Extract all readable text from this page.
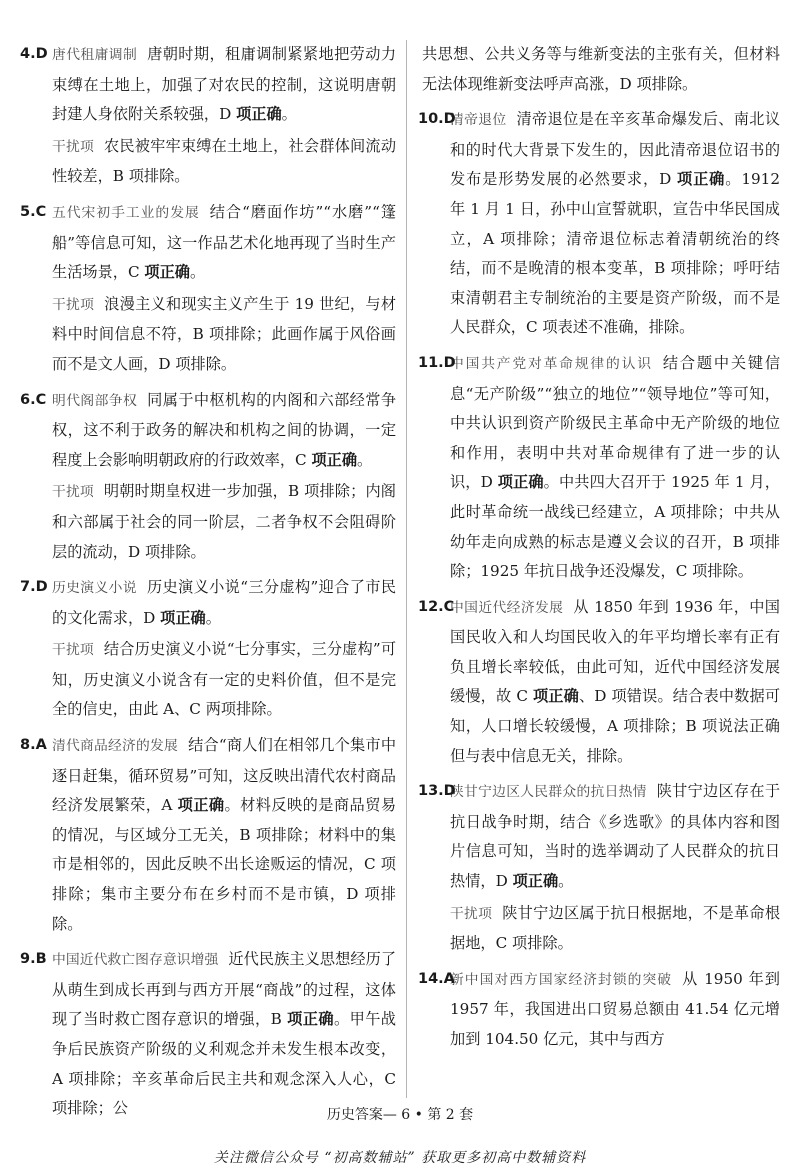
4.D 唐代租庸调制 唐朝时期，租庸调制紧紧地把劳动力束缚在土地上，加强了对农民的控制，这说明唐朝封建人身依附关系较强，D 项正确。

干扰项 农民被牢牢束缚在土地上，社会群体间流动性较差，B 项排除。

5.C 五代宋初手工业的发展 结合“磨面作坊”“水磨”“篷船”等信息可知，这一作品艺术化地再现了当时生产生活场景，C 项正确。

干扰项 浪漫主义和现实主义产生于 19 世纪，与材料中时间信息不符，B 项排除；此画作属于风俗画而不是文人画，D 项排除。

6.C 明代阁部争权 同属于中枢机构的内阁和六部经常争权，这不利于政务的解决和机构之间的协调，一定程度上会影响明朝政府的行政效率，C 项正确。

干扰项 明朝时期皇权进一步加强，B 项排除；内阁和六部属于社会的同一阶层，二者争权不会阻碍阶层的流动，D 项排除。

7.D 历史演义小说 历史演义小说“三分虚构”迎合了市民的文化需求，D 项正确。

干扰项 结合历史演义小说“七分事实，三分虚构”可知，历史演义小说含有一定的史料价值，但不是完全的信史，由此 A、C 两项排除。

8.A 清代商品经济的发展 结合“商人们在相邻几个集市中逐日赶集，循环贸易”可知，这反映出清代农村商品经济发展繁荣，A 项正确。材料反映的是商品贸易的情况，与区域分工无关，B 项排除；材料中的集市是相邻的，因此反映不出长途贩运的情况，C 项排除；集市主要分布在乡村而不是市镇，D 项排除。

9.B 中国近代救亡图存意识增强 近代民族主义思想经历了从萌生到成长再到与西方开展“商战”的过程，这体现了当时救亡图存意识的增强，B 项正确。甲午战争后民族资产阶级的义利观念并未发生根本改变，A 项排除；辛亥革命后民主共和观念深入人心，C 项排除；公

共思想、公共义务等与维新变法的主张有关，但材料无法体现维新变法呼声高涨，D 项排除。

10.D

清帝退位 清帝退位是在辛亥革命爆发后、南北议和的时代大背景下发生的，因此清帝退位诏书的发布是形势发展的必然要求，D 项正确。1912 年 1 月 1 日，孙中山宣誓就职，宣告中华民国成立，A 项排除；清帝退位标志着清朝统治的终结，而不是晚清的根本变革，B 项排除；呼吁结束清朝君主专制统治的主要是资产阶级，而不是人民群众，C 项表述不准确，排除。

11.D

中国共产党对革命规律的认识 结合题中关键信息“无产阶级”“独立的地位”“领导地位”等可知，中共认识到资产阶级民主革命中无产阶级的地位和作用，表明中共对革命规律有了进一步的认识，D 项正确。中共四大召开于 1925 年 1 月，此时革命统一战线已经建立，A 项排除；中共从幼年走向成熟的标志是遵义会议的召开，B 项排除；1925 年抗日战争还没爆发，C 项排除。

12.C

中国近代经济发展 从 1850 年到 1936 年，中国国民收入和人均国民收入的年平均增长率有正有负且增长率较低，由此可知，近代中国经济发展缓慢，故 C 项正确、D 项错误。结合表中数据可知，人口增长较缓慢，A 项排除；B 项说法正确但与表中信息无关，排除。

13.D

陕甘宁边区人民群众的抗日热情 陕甘宁边区存在于抗日战争时期，结合《乡选歌》的具体内容和图片信息可知，当时的选举调动了人民群众的抗日热情，D 项正确。

干扰项 陕甘宁边区属于抗日根据地，不是革命根据地，C 项排除。

14.A

新中国对西方国家经济封锁的突破 从 1950 年到 1957 年，我国进出口贸易总额由 41.54 亿元增加到 104.50 亿元，其中与西方

历史答案— 6 • 第 2 套
关注微信公众号 “初高数辅站” 获取更多初高中数辅资料
